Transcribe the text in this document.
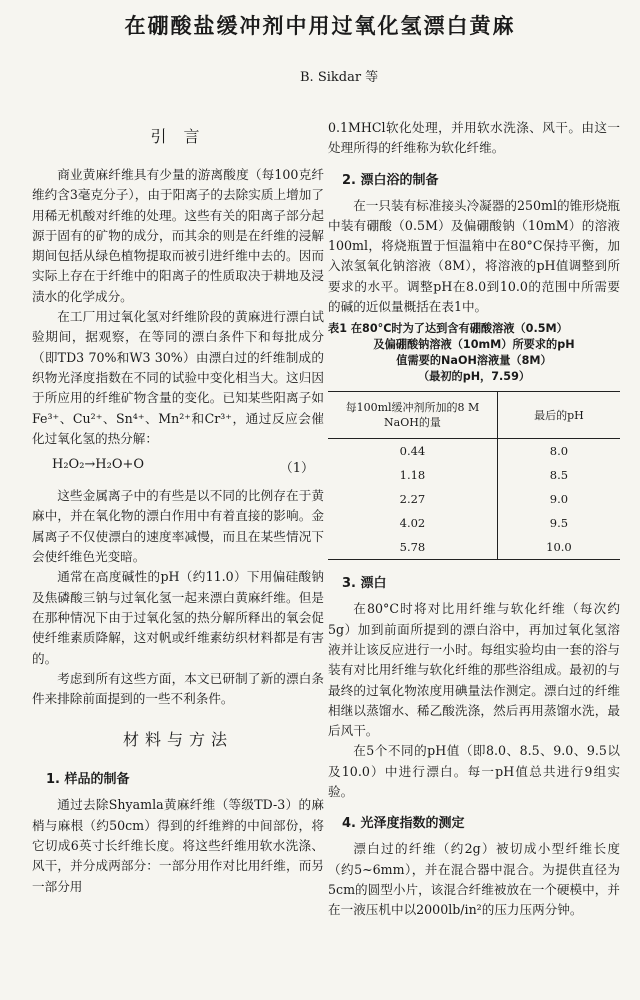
在硼酸盐缓冲剂中用过氧化氢漂白黄麻
B. Sikdar 等
引 言

商业黄麻纤维具有少量的游离酸度（每100克纤维约含3毫克分子），由于阳离子的去除实质上增加了用稀无机酸对纤维的处理。这些有关的阳离子部分起源于固有的矿物的成分，而其余的则是在纤维的浸解期间包括从绿色植物提取而被引进纤维中去的。因而实际上存在于纤维中的阳离子的性质取决于耕地及浸渍水的化学成分。

在工厂用过氧化氢对纤维阶段的黄麻进行漂白试验期间，据观察，在等同的漂白条件下和每批成分（即TD3 70%和W3 30%）由漂白过的纤维制成的织物光泽度指数在不同的试验中变化相当大。这归因于所应用的纤维矿物含量的变化。已知某些阳离子如Fe³⁺、Cu²⁺、Sn⁴⁺、Mn²⁺和Cr³⁺，通过反应会催化过氧化氢的热分解：

H₂O₂→H₂O+O	（1）

这些金属离子中的有些是以不同的比例存在于黄麻中，并在氧化物的漂白作用中有着直接的影响。金属离子不仅使漂白的速度率减慢，而且在某些情况下会使纤维色光变暗。

通常在高度碱性的pH（约11.0）下用偏硅酸钠及焦磷酸三钠与过氧化氢一起来漂白黄麻纤维。但是在那种情况下由于过氧化氢的热分解所释出的氧会促使纤维素质降解，这对帆或纤维素纺织材料都是有害的。

考虑到所有这些方面，本文已研制了新的漂白条件来排除前面提到的一些不利条件。

材料与方法
1. 样品的制备

通过去除Shyamla黄麻纤维（等级TD-3）的麻梢与麻根（约50cm）得到的纤维辫的中间部份，将它切成6英寸长纤维长度。将这些纤维用软水洗涤、风干，并分成两部分：一部分用作对比用纤维，而另一部分用

0.1MHCl软化处理，并用软水洗涤、风干。由这一处理所得的纤维称为软化纤维。

2. 漂白浴的制备

在一只装有标准接头冷凝器的250ml的锥形烧瓶中装有硼酸（0.5M）及偏硼酸钠（10mM）的溶液100ml，将烧瓶置于恒温箱中在80°C保持平衡，加入浓氢氧化钠溶液（8M），将溶液的pH值调整到所要求的水平。调整pH在8.0到10.0的范围中所需要的碱的近似量概括在表1中。

表1 在80°C时为了达到含有硼酸溶液（0.5M）
及偏硼酸钠溶液（10mM）所要求的pH
值需要的NaOH溶液量（8M）
（最初的pH，7.59）
每100ml缓冲剂所加的8 M NaOH的量	最后的pH
0.44	8.0
1.18	8.5
2.27	9.0
4.02	9.5
5.78	10.0
3. 漂白

在80°C时将对比用纤维与软化纤维（每次约5g）加到前面所提到的漂白浴中，再加过氧化氢溶液并让该反应进行一小时。每组实验均由一套的浴与装有对比用纤维与软化纤维的那些浴组成。最初的与最终的过氧化物浓度用碘量法作测定。漂白过的纤维相继以蒸馏水、稀乙酸洗涤，然后再用蒸馏水洗，最后风干。

在5个不同的pH值（即8.0、8.5、9.0、9.5以及10.0）中进行漂白。每一pH值总共进行9组实验。

4. 光泽度指数的测定

漂白过的纤维（约2g）被切成小型纤维长度（约5~6mm），并在混合器中混合。为提供直径为5cm的圆型小片，该混合纤维被放在一个硬模中，并在一液压机中以2000lb/in²的压力压两分钟。
